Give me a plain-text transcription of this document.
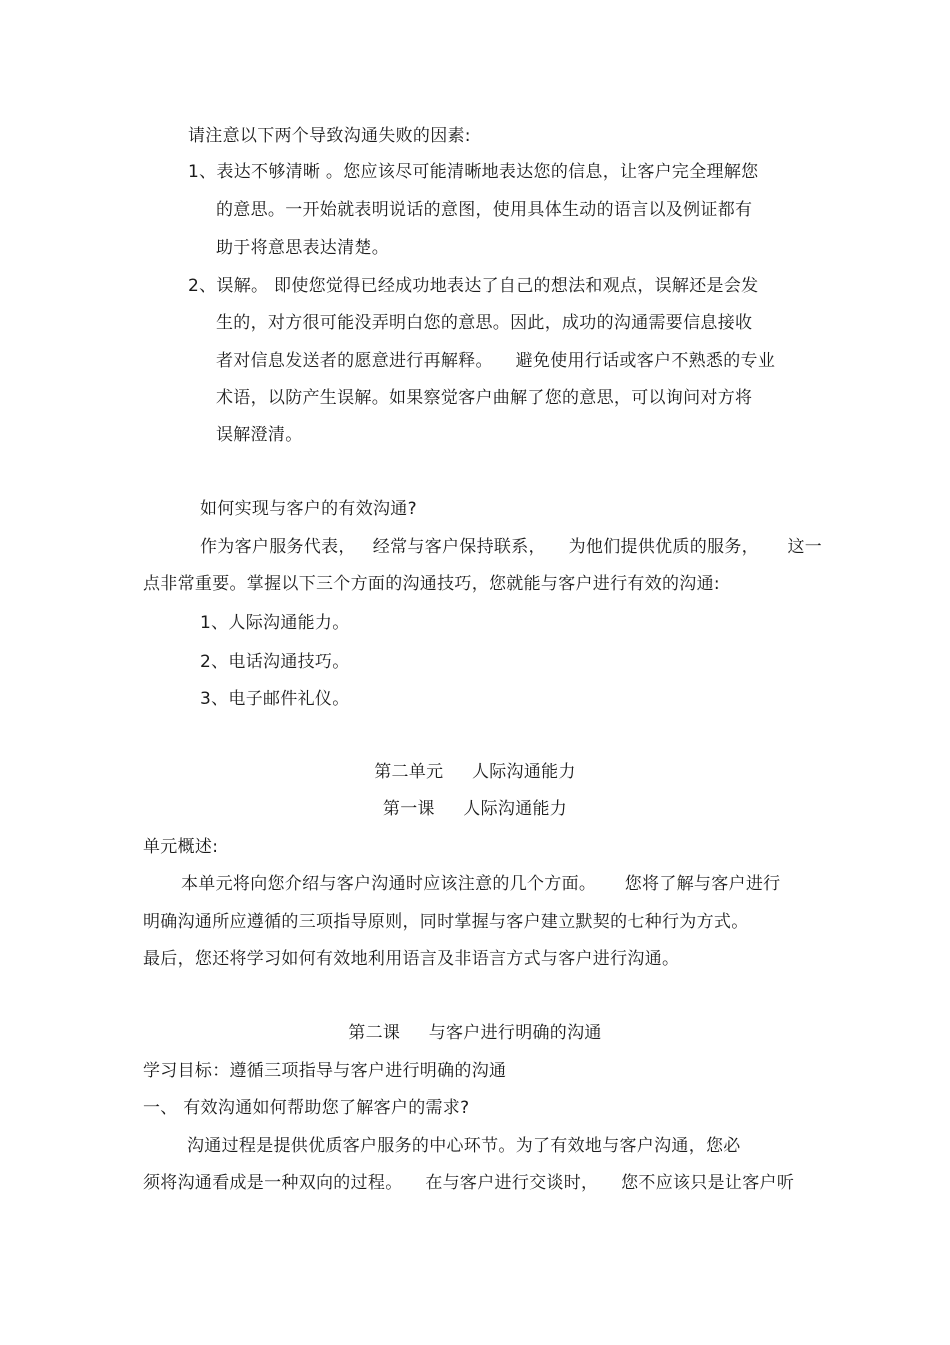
请注意以下两个导致沟通失败的因素:
1、表达不够清晰 。您应该尽可能清晰地表达您的信息，让客户完全理解您
的意思。一开始就表明说话的意图，使用具体生动的语言以及例证都有
助于将意思表达清楚。
2、误解。 即使您觉得已经成功地表达了自己的想法和观点，误解还是会发
生的，对方很可能没弄明白您的意思。因此，成功的沟通需要信息接收
者对信息发送者的愿意进行再解释。    避免使用行话或客户不熟悉的专业
术语，以防产生误解。如果察觉客户曲解了您的意思，可以询问对方将
误解澄清。
如何实现与客户的有效沟通?
作为客户服务代表，   经常与客户保持联系，    为他们提供优质的服务，     这一
点非常重要。掌握以下三个方面的沟通技巧，您就能与客户进行有效的沟通:
1、人际沟通能力。
2、电话沟通技巧。
3、电子邮件礼仪。
第二单元     人际沟通能力
第一课     人际沟通能力
单元概述:
本单元将向您介绍与客户沟通时应该注意的几个方面。     您将了解与客户进行
明确沟通所应遵循的三项指导原则，同时掌握与客户建立默契的七种行为方式。
最后，您还将学习如何有效地利用语言及非语言方式与客户进行沟通。
第二课     与客户进行明确的沟通
学习目标：遵循三项指导与客户进行明确的沟通
一、 有效沟通如何帮助您了解客户的需求?
沟通过程是提供优质客户服务的中心环节。为了有效地与客户沟通，您必
须将沟通看成是一种双向的过程。    在与客户进行交谈时，    您不应该只是让客户听
